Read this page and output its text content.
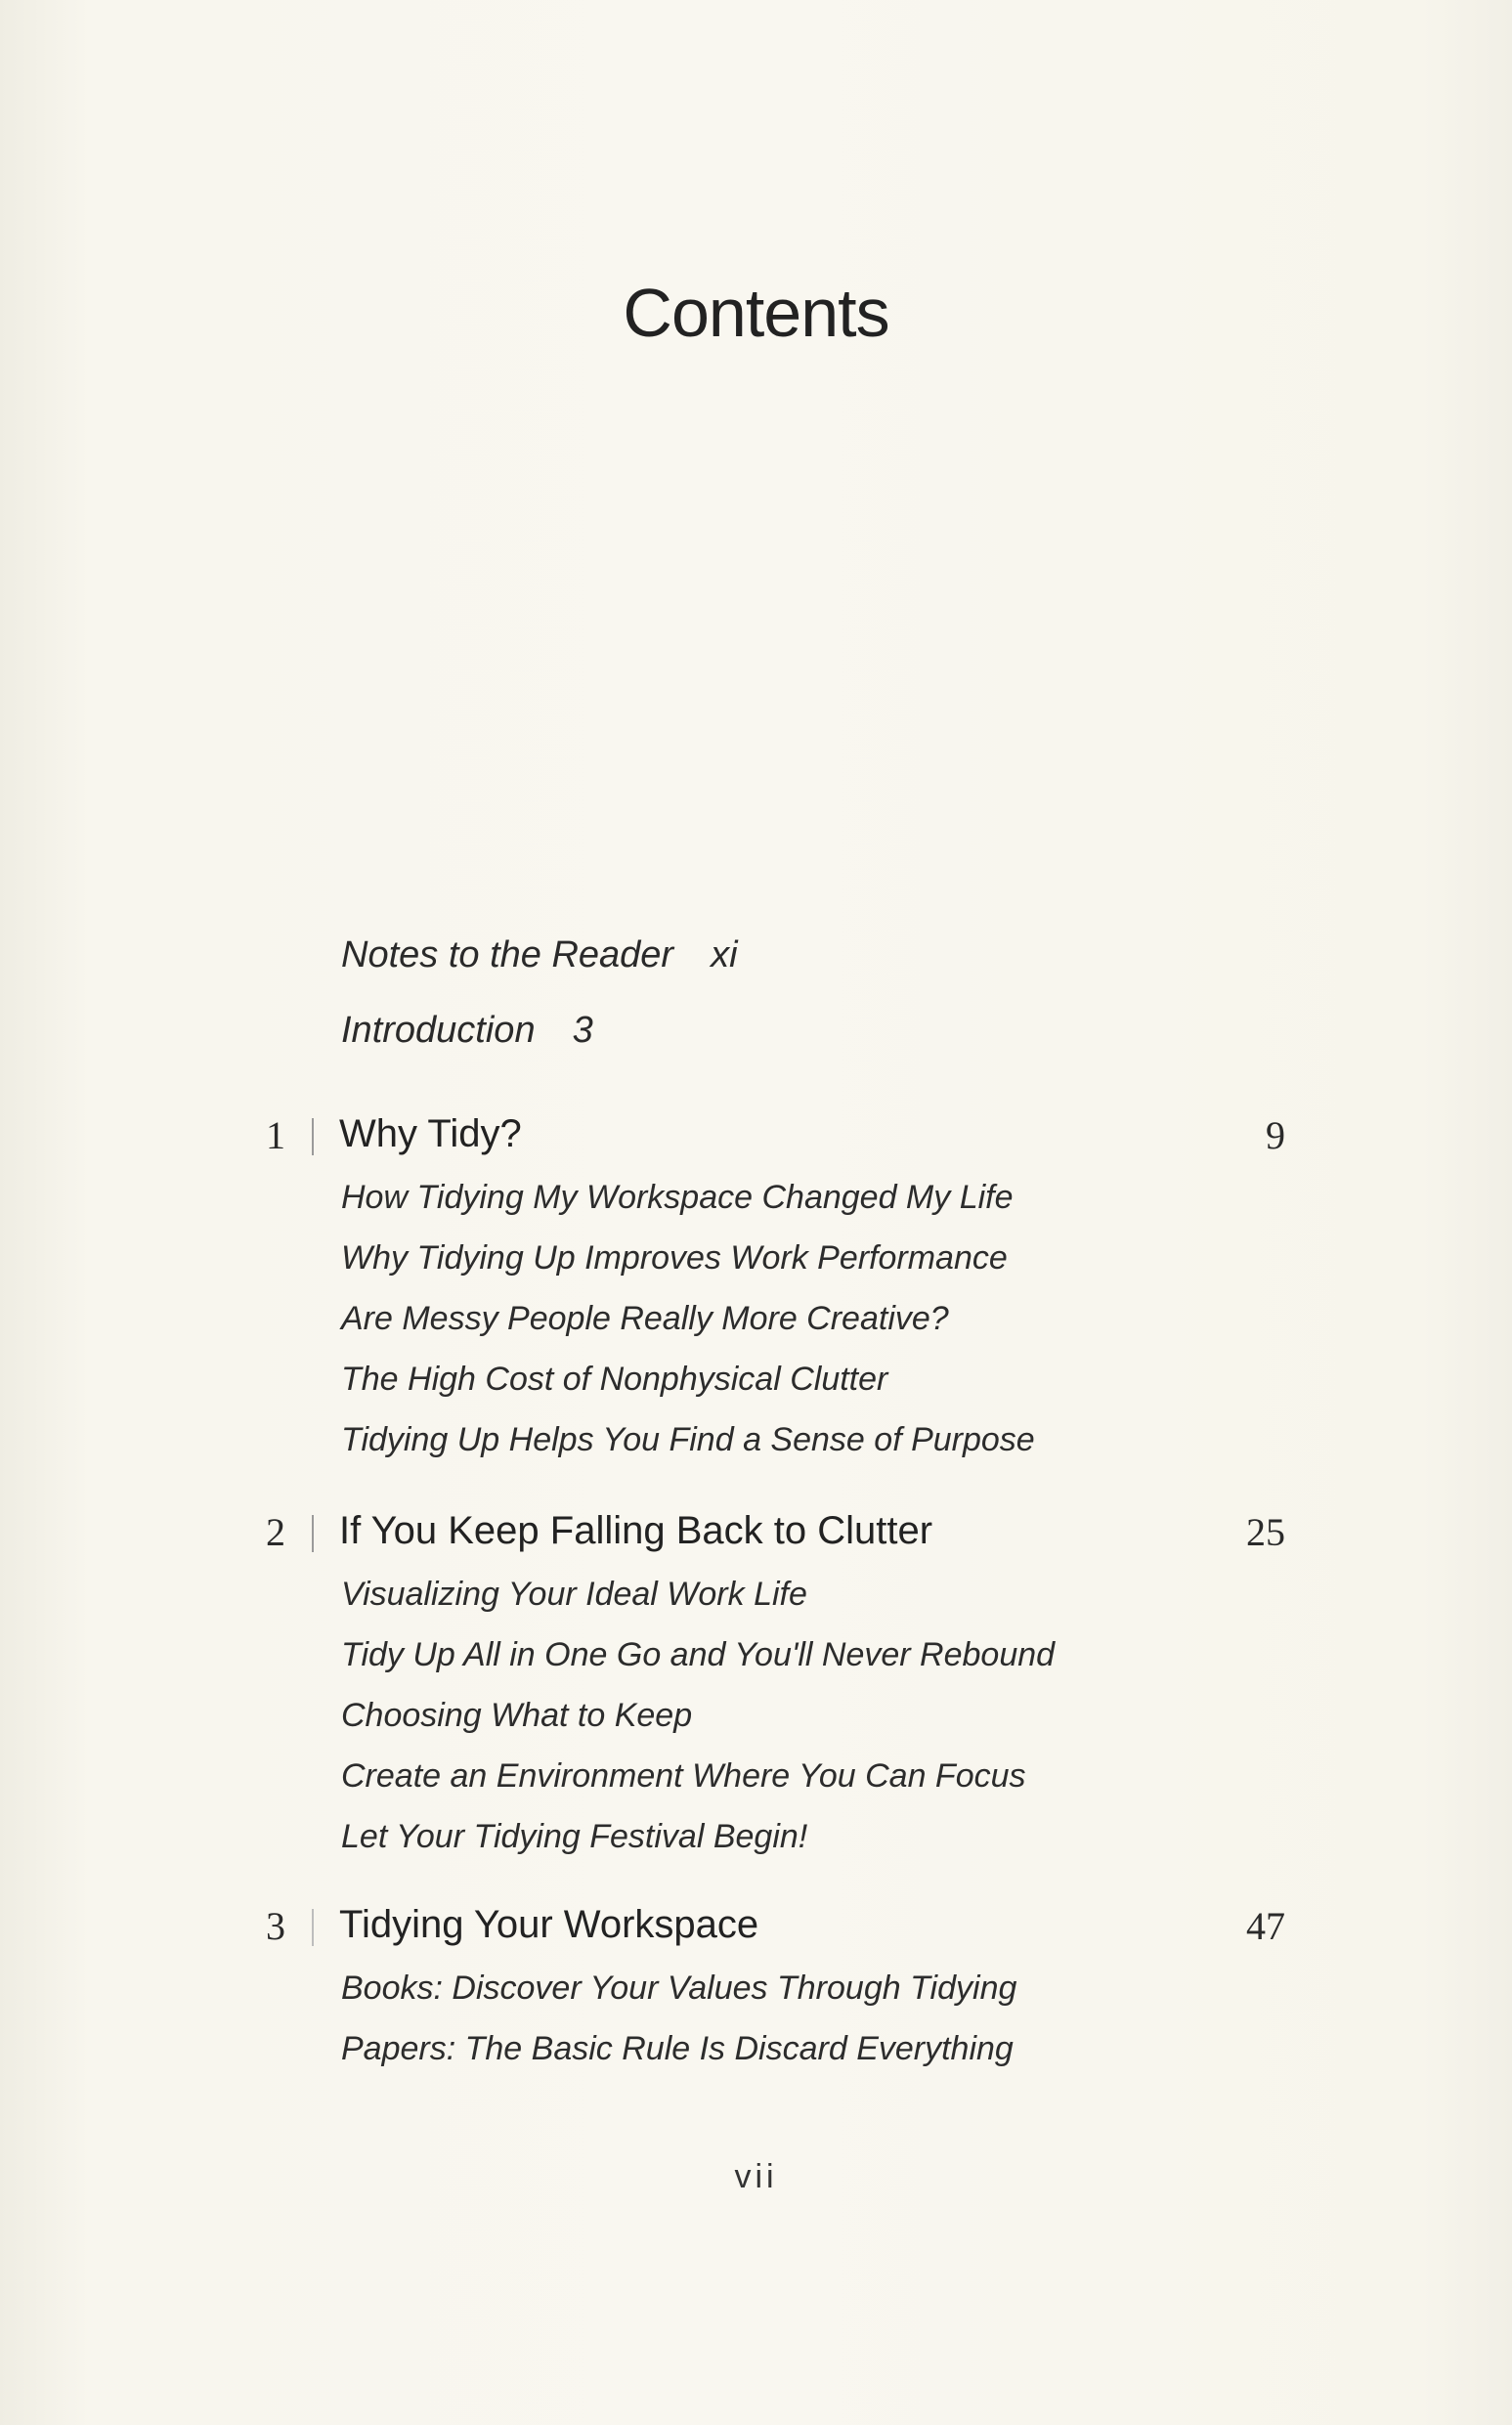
Contents
Notes to the Reader xi
Introduction 3
1 Why Tidy?	9
How Tidying My Workspace Changed My Life
Why Tidying Up Improves Work Performance
Are Messy People Really More Creative?
The High Cost of Nonphysical Clutter
Tidying Up Helps You Find a Sense of Purpose
2 If You Keep Falling Back to Clutter	25
Visualizing Your Ideal Work Life
Tidy Up All in One Go and You'll Never Rebound
Choosing What to Keep
Create an Environment Where You Can Focus
Let Your Tidying Festival Begin!
3 Tidying Your Workspace	47
Books: Discover Your Values Through Tidying
Papers: The Basic Rule Is Discard Everything
vii
